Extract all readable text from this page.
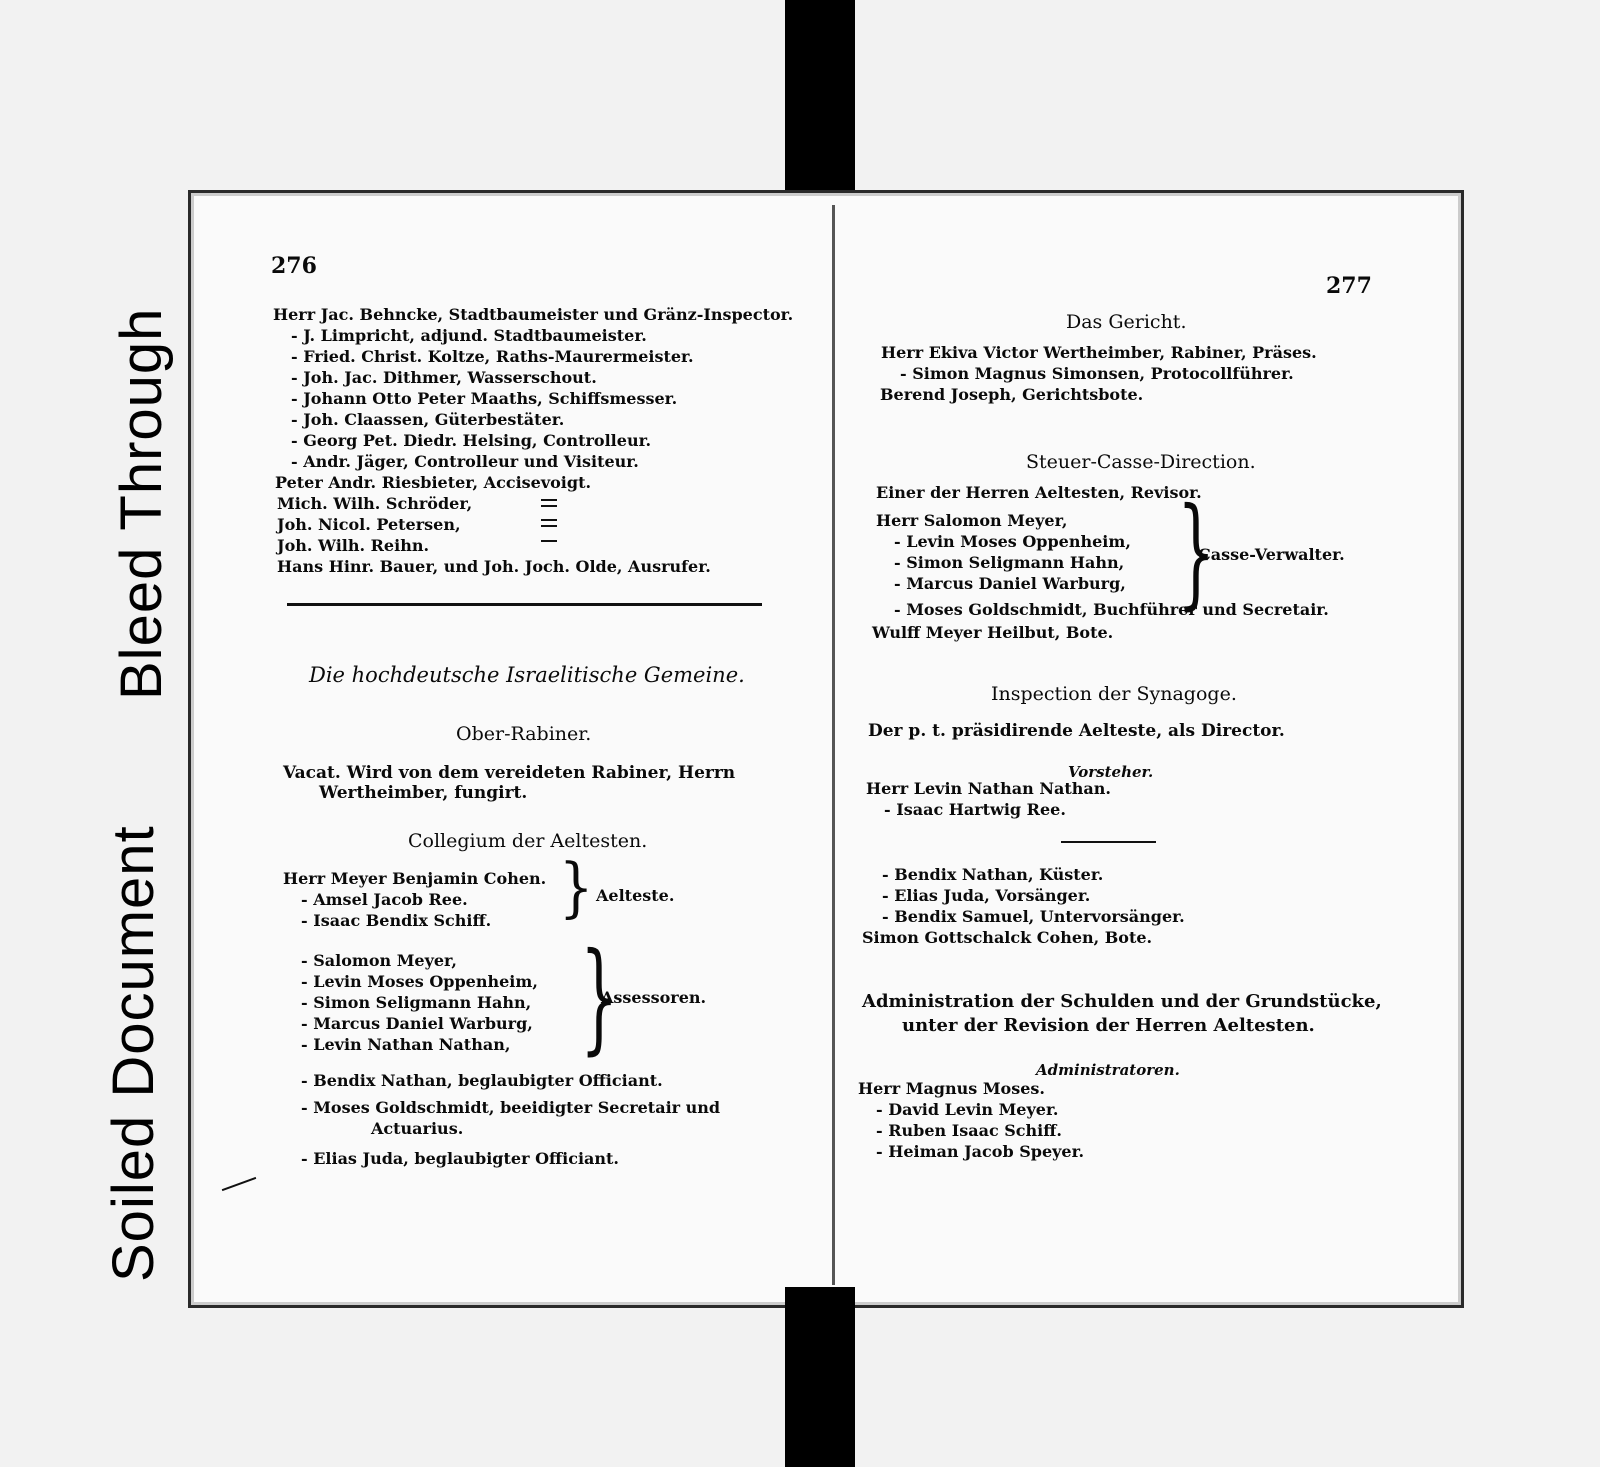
Bleed Through
Soiled Document
276
Herr Jac. Behncke, Stadtbaumeister und Gränz-Inspector.
- J. Limpricht, adjund. Stadtbaumeister.
- Fried. Christ. Koltze, Raths-Maurermeister.
- Joh. Jac. Dithmer, Wasserschout.
- Johann Otto Peter Maaths, Schiffsmesser.
- Joh. Claassen, Güterbestäter.
- Georg Pet. Diedr. Helsing, Controlleur.
- Andr. Jäger, Controlleur und Visiteur.
Peter Andr. Riesbieter, Accisevoigt.
Mich. Wilh. Schröder,
Joh. Nicol. Petersen,
Joh. Wilh. Reihn.
Hans Hinr. Bauer, und Joh. Joch. Olde, Ausrufer.
Die hochdeutsche Israelitische Gemeine.
Ober-Rabiner.
Vacat. Wird von dem vereideten Rabiner, Herrn
Wertheimber, fungirt.
Collegium der Aeltesten.
Herr Meyer Benjamin Cohen.
- Amsel Jacob Ree.
- Isaac Bendix Schiff. } Aelteste.
- Salomon Meyer,
- Levin Moses Oppenheim,
- Simon Seligmann Hahn,
- Marcus Daniel Warburg,
- Levin Nathan Nathan, }
Assessoren.
- Bendix Nathan, beglaubigter Officiant.
- Moses Goldschmidt, beeidigter Secretair und
Actuarius.
- Elias Juda, beglaubigter Officiant.
277
Das Gericht.
Herr Ekiva Victor Wertheimber, Rabiner, Präses.
- Simon Magnus Simonsen, Protocollführer.
Berend Joseph, Gerichtsbote.
Steuer-Casse-Direction.
Einer der Herren Aeltesten, Revisor.
Herr Salomon Meyer,
- Levin Moses Oppenheim,
- Simon Seligmann Hahn,
- Marcus Daniel Warburg, }
Casse-Verwalter.
- Moses Goldschmidt, Buchführer und Secretair.
Wulff Meyer Heilbut, Bote.
Inspection der Synagoge.
Der p. t. präsidirende Aelteste, als Director.
Vorsteher.
Herr Levin Nathan Nathan.
- Isaac Hartwig Ree.
- Bendix Nathan, Küster.
- Elias Juda, Vorsänger.
- Bendix Samuel, Untervorsänger.
Simon Gottschalck Cohen, Bote.
Administration der Schulden und der Grundstücke,
unter der Revision der Herren Aeltesten.
Administratoren.
Herr Magnus Moses.
- David Levin Meyer.
- Ruben Isaac Schiff.
- Heiman Jacob Speyer.
